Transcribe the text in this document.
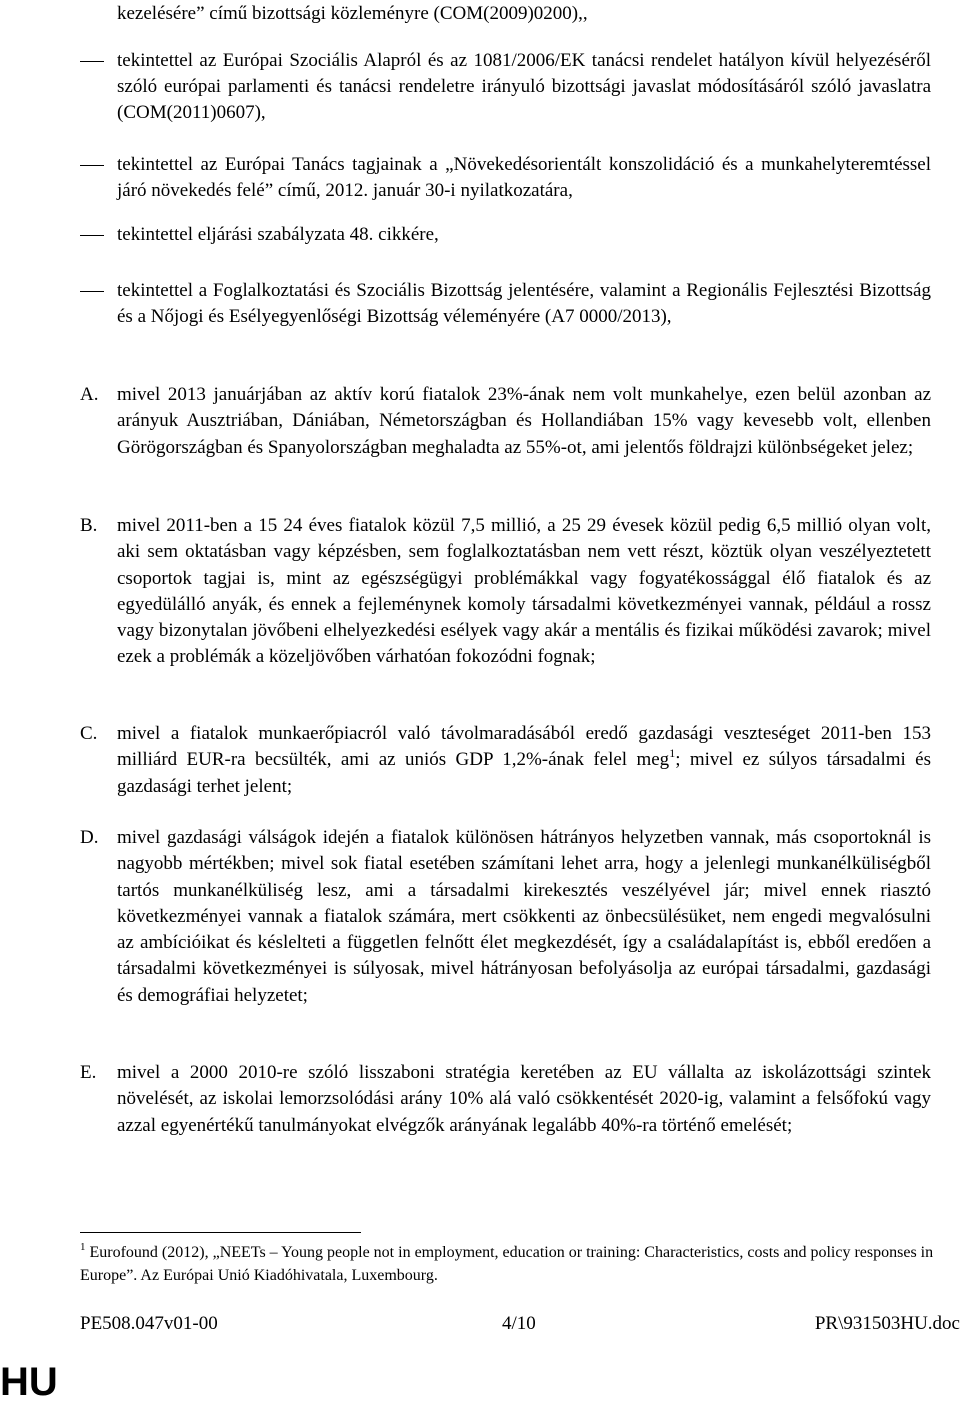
kezelésére” című bizottsági közleményre (COM(2009)0200),,
tekintettel az Európai Szociális Alapról és az 1081/2006/EK tanácsi rendelet hatályon kívül helyezéséről szóló európai parlamenti és tanácsi rendeletre irányuló bizottsági javaslat módosításáról szóló javaslatra (COM(2011)0607),
tekintettel az Európai Tanács tagjainak a „Növekedésorientált konszolidáció és a munkahelyteremtéssel járó növekedés felé” című, 2012. január 30-i nyilatkozatára,
tekintettel eljárási szabályzata 48. cikkére,
tekintettel a Foglalkoztatási és Szociális Bizottság jelentésére, valamint a Regionális Fejlesztési Bizottság és a Nőjogi és Esélyegyenlőségi Bizottság véleményére (A7 0000/2013),
A. mivel 2013 januárjában az aktív korú fiatalok 23%-ának nem volt munkahelye, ezen belül azonban az arányuk Ausztriában, Dániában, Németországban és Hollandiában 15% vagy kevesebb volt, ellenben Görögországban és Spanyolországban meghaladta az 55%-ot, ami jelentős földrajzi különbségeket jelez;
B. mivel 2011-ben a 15 24 éves fiatalok közül 7,5 millió, a 25 29 évesek közül pedig 6,5 millió olyan volt, aki sem oktatásban vagy képzésben, sem foglalkoztatásban nem vett részt, köztük olyan veszélyeztetett csoportok tagjai is, mint az egészségügyi problémákkal vagy fogyatékossággal élő fiatalok és az egyedülálló anyák, és ennek a fejleménynek komoly társadalmi következményei vannak, például a rossz vagy bizonytalan jövőbeni elhelyezkedési esélyek vagy akár a mentális és fizikai működési zavarok; mivel ezek a problémák a közeljövőben várhatóan fokozódni fognak;
C. mivel a fiatalok munkaerőpiacról való távolmaradásából eredő gazdasági veszteséget 2011-ben 153 milliárd EUR-ra becsülték, ami az uniós GDP 1,2%-ának felel meg$^1$; mivel ez súlyos társadalmi és gazdasági terhet jelent;
D. mivel gazdasági válságok idején a fiatalok különösen hátrányos helyzetben vannak, más csoportoknál is nagyobb mértékben; mivel sok fiatal esetében számítani lehet arra, hogy a jelenlegi munkanélküliségből tartós munkanélküliség lesz, ami a társadalmi kirekesztés veszélyével jár; mivel ennek riasztó következményei vannak a fiatalok számára, mert csökkenti az önbecsülésüket, nem engedi megvalósulni az ambícióikat és késlelteti a független felnőtt élet megkezdését, így a családalapítást is, ebből eredően a társadalmi következményei is súlyosak, mivel hátrányosan befolyásolja az európai társadalmi, gazdasági és demográfiai helyzetet;
E. mivel a 2000 2010-re szóló lisszaboni stratégia keretében az EU vállalta az iskolázottsági szintek növelését, az iskolai lemorzsolódási arány 10% alá való csökkentését 2020-ig, valamint a felsőfokú vagy azzal egyenértékű tanulmányokat elvégzők arányának legalább 40%-ra történő emelését;
$^1$ Eurofound (2012), „NEETs – Young people not in employment, education or training: Characteristics, costs and policy responses in Europe”. Az Európai Unió Kiadóhivatala, Luxembourg.
PE508.047v01-00	4/10	PR\931503HU.doc
HU
